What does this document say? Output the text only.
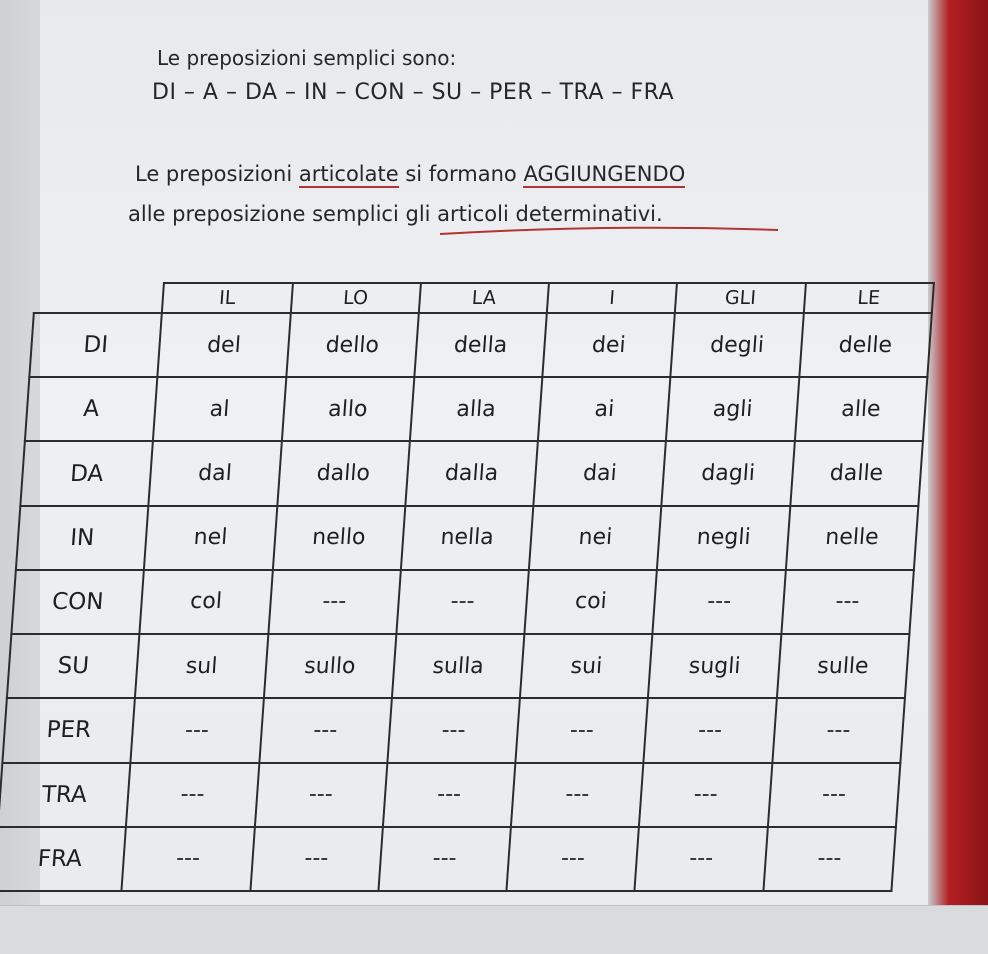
Le preposizioni semplici sono:
DI – A – DA – IN – CON – SU – PER – TRA – FRA
Le preposizioni articolate si formano AGGIUNGENDO
alle preposizione semplici gli articoli determinativi.
	IL	LO	LA	I	GLI	LE
DI	del	dello	della	dei	degli	delle
A	al	allo	alla	ai	agli	alle
DA	dal	dallo	dalla	dai	dagli	dalle
IN	nel	nello	nella	nei	negli	nelle
CON	col	---	---	coi	---	---
SU	sul	sullo	sulla	sui	sugli	sulle
PER	---	---	---	---	---	---
TRA	---	---	---	---	---	---
FRA	---	---	---	---	---	---
